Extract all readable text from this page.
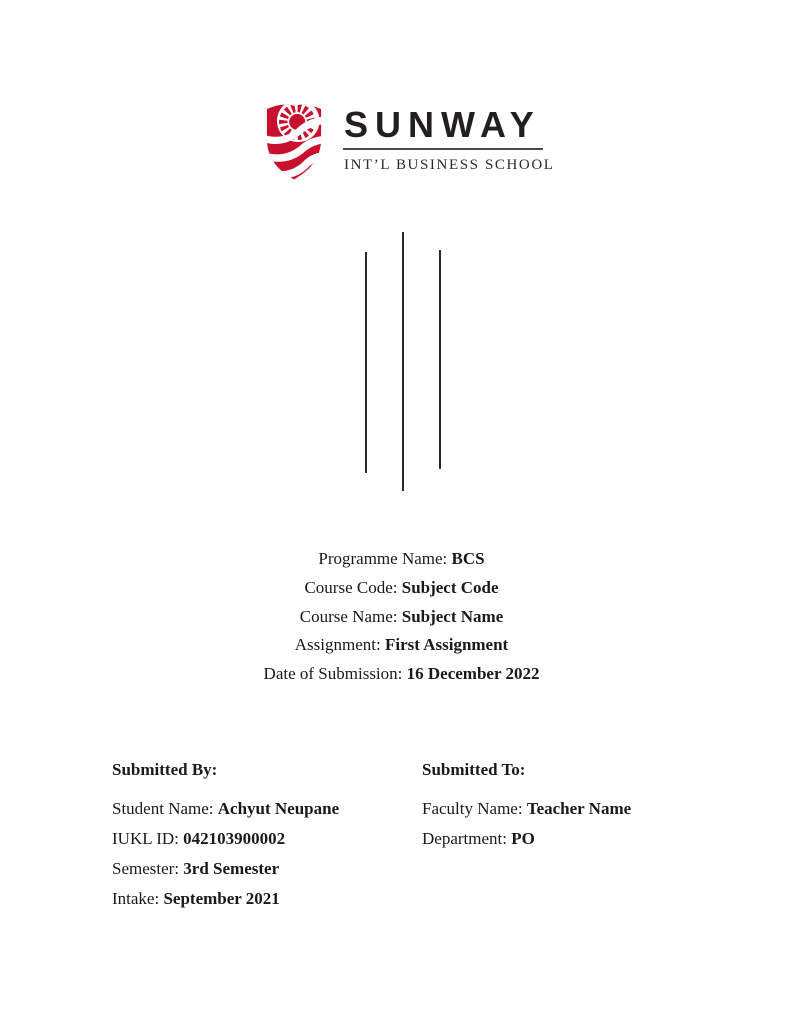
SUNWAY
INT’L BUSINESS SCHOOL
Programme Name: BCS
Course Code: Subject Code
Course Name: Subject Name
Assignment: First Assignment
Date of Submission: 16 December 2022
Submitted By:
Student Name: Achyut Neupane
IUKL ID: 042103900002
Semester: 3rd Semester
Intake: September 2021
Submitted To:
Faculty Name: Teacher Name
Department: PO
